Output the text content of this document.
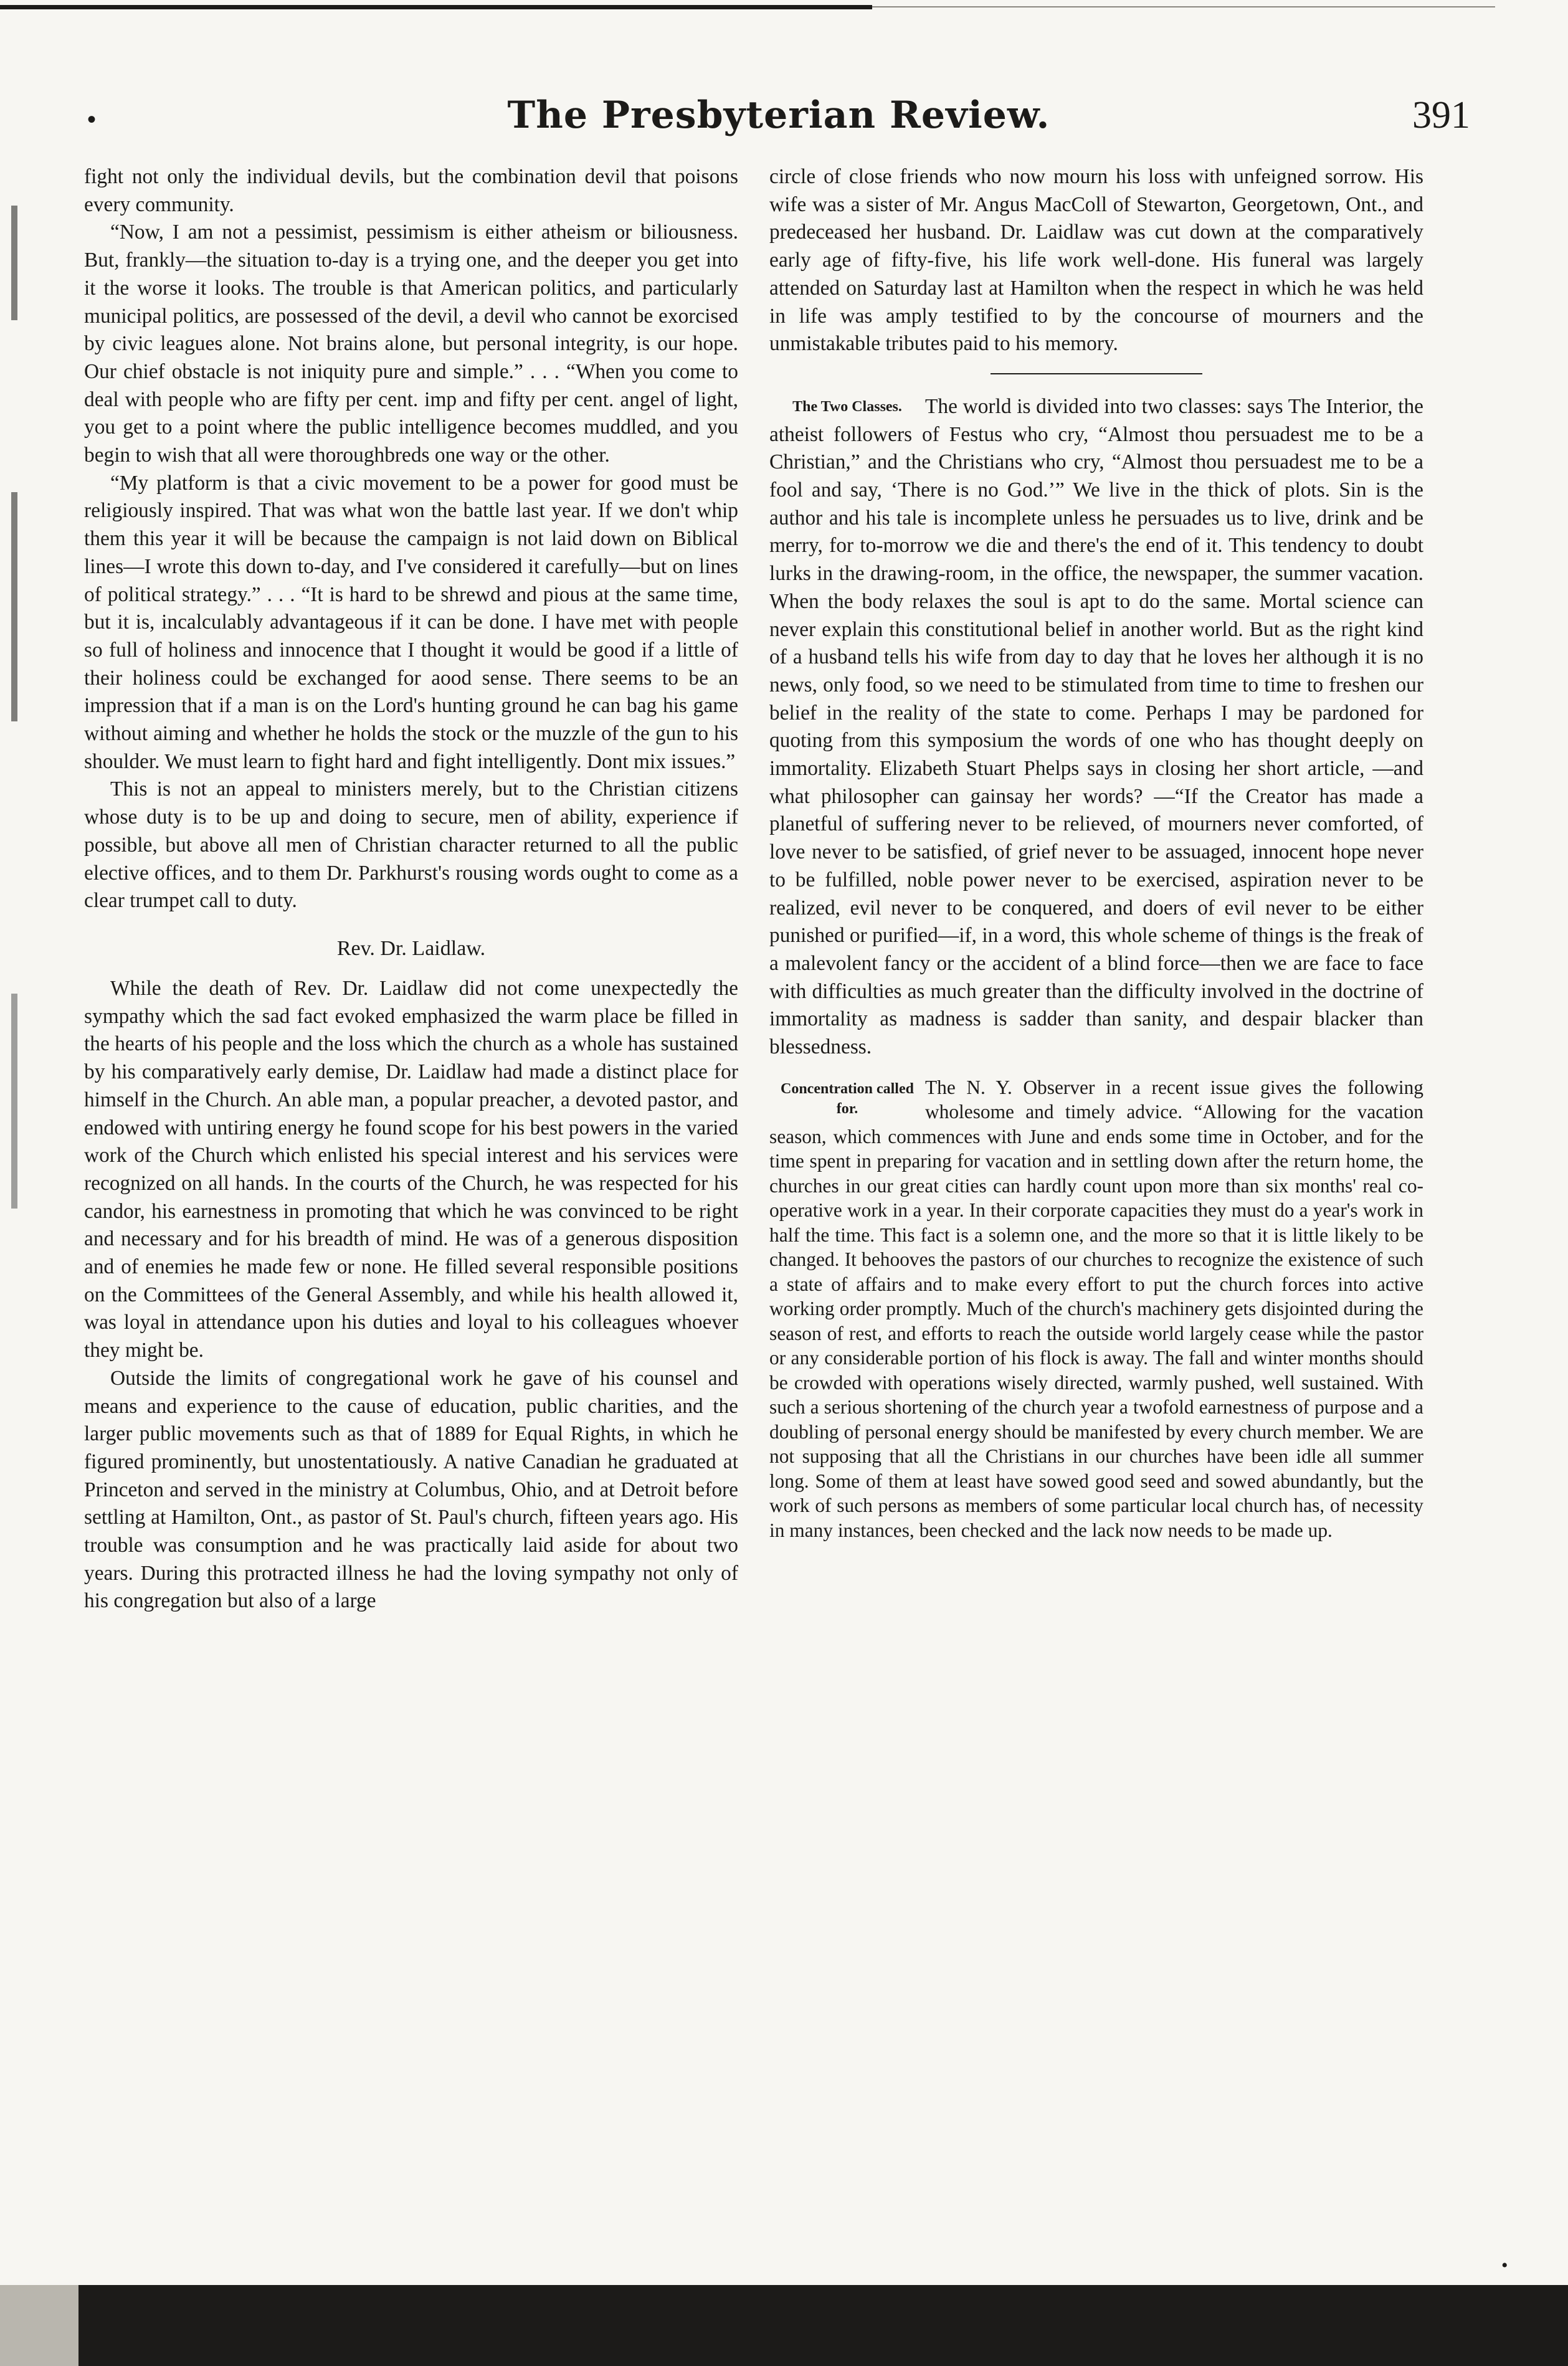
•	The Presbyterian Review.	391

fight not only the individual devils, but the combination devil that poisons every community.

“Now, I am not a pessimist, pessimism is either atheism or biliousness. But, frankly—the situation to-day is a trying one, and the deeper you get into it the worse it looks. The trouble is that American politics, and particularly municipal politics, are possessed of the devil, a devil who cannot be exorcised by civic leagues alone. Not brains alone, but personal integrity, is our hope. Our chief obstacle is not iniquity pure and simple.” . . . “When you come to deal with people who are fifty per cent. imp and fifty per cent. angel of light, you get to a point where the public intelligence becomes muddled, and you begin to wish that all were thoroughbreds one way or the other.

“My platform is that a civic movement to be a power for good must be religiously inspired. That was what won the battle last year. If we don't whip them this year it will be because the campaign is not laid down on Biblical lines—I wrote this down to-day, and I've considered it carefully—but on lines of political strategy.” . . . “It is hard to be shrewd and pious at the same time, but it is, incalculably advantageous if it can be done. I have met with people so full of holiness and innocence that I thought it would be good if a little of their holiness could be exchanged for aood sense. There seems to be an impression that if a man is on the Lord's hunting ground he can bag his game without aiming and whether he holds the stock or the muzzle of the gun to his shoulder. We must learn to fight hard and fight intelligently. Dont mix issues.”

This is not an appeal to ministers merely, but to the Christian citizens whose duty is to be up and doing to secure, men of ability, experience if possible, but above all men of Christian character returned to all the public elective offices, and to them Dr. Parkhurst's rousing words ought to come as a clear trumpet call to duty.

Rev. Dr. Laidlaw.

While the death of Rev. Dr. Laidlaw did not come unexpectedly the sympathy which the sad fact evoked emphasized the warm place be filled in the hearts of his people and the loss which the church as a whole has sustained by his comparatively early demise, Dr. Laidlaw had made a distinct place for himself in the Church. An able man, a popular preacher, a devoted pastor, and endowed with untiring energy he found scope for his best powers in the varied work of the Church which enlisted his special interest and his services were recognized on all hands. In the courts of the Church, he was respected for his candor, his earnestness in promoting that which he was convinced to be right and necessary and for his breadth of mind. He was of a generous disposition and of enemies he made few or none. He filled several responsible positions on the Committees of the General Assembly, and while his health allowed it, was loyal in attendance upon his duties and loyal to his colleagues whoever they might be.

Outside the limits of congregational work he gave of his counsel and means and experience to the cause of education, public charities, and the larger public movements such as that of 1889 for Equal Rights, in which he figured prominently, but unostentatiously. A native Canadian he graduated at Princeton and served in the ministry at Columbus, Ohio, and at Detroit before settling at Hamilton, Ont., as pastor of St. Paul's church, fifteen years ago. His trouble was consumption and he was practically laid aside for about two years. During this protracted illness he had the loving sympathy not only of his congregation but also of a large

circle of close friends who now mourn his loss with unfeigned sorrow. His wife was a sister of Mr. Angus MacColl of Stewarton, Georgetown, Ont., and predeceased her husband. Dr. Laidlaw was cut down at the comparatively early age of fifty-five, his life work well-done. His funeral was largely attended on Saturday last at Hamilton when the respect in which he was held in life was amply testified to by the concourse of mourners and the unmistakable tributes paid to his memory.

The Two Classes.	The world is divided into two classes: says The Interior, the atheist followers of Festus who cry, “Almost thou persuadest me to be a Christian,” and the Christians who cry, “Almost thou persuadest me to be a fool and say, ‘There is no God.’” We live in the thick of plots. Sin is the author and his tale is incomplete unless he persuades us to live, drink and be merry, for to-morrow we die and there's the end of it. This tendency to doubt lurks in the drawing-room, in the office, the newspaper, the summer vacation. When the body relaxes the soul is apt to do the same. Mortal science can never explain this constitutional belief in another world. But as the right kind of a husband tells his wife from day to day that he loves her although it is no news, only food, so we need to be stimulated from time to time to freshen our belief in the reality of the state to come. Perhaps I may be pardoned for quoting from this symposium the words of one who has thought deeply on immortality. Elizabeth Stuart Phelps says in closing her short article, —and what philosopher can gainsay her words? —“If the Creator has made a planetful of suffering never to be relieved, of mourners never comforted, of love never to be satisfied, of grief never to be assuaged, innocent hope never to be fulfilled, noble power never to be exercised, aspiration never to be realized, evil never to be conquered, and doers of evil never to be either punished or purified—if, in a word, this whole scheme of things is the freak of a malevolent fancy or the accident of a blind force—then we are face to face with difficulties as much greater than the difficulty involved in the doctrine of immortality as madness is sadder than sanity, and despair blacker than blessedness.

Concentration called for.

The N. Y. Observer in a recent issue gives the following wholesome and timely advice. “Allowing for the vacation season, which commences with June and ends some time in October, and for the time spent in preparing for vacation and in settling down after the return home, the churches in our great cities can hardly count upon more than six months' real co-operative work in a year. In their corporate capacities they must do a year's work in half the time. This fact is a solemn one, and the more so that it is little likely to be changed. It behooves the pastors of our churches to recognize the existence of such a state of affairs and to make every effort to put the church forces into active working order promptly. Much of the church's machinery gets disjointed during the season of rest, and efforts to reach the outside world largely cease while the pastor or any considerable portion of his flock is away. The fall and winter months should be crowded with operations wisely directed, warmly pushed, well sustained. With such a serious shortening of the church year a twofold earnestness of purpose and a doubling of personal energy should be manifested by every church member. We are not supposing that all the Christians in our churches have been idle all summer long. Some of them at least have sowed good seed and sowed abundantly, but the work of such persons as members of some particular local church has, of necessity in many instances, been checked and the lack now needs to be made up.

•
